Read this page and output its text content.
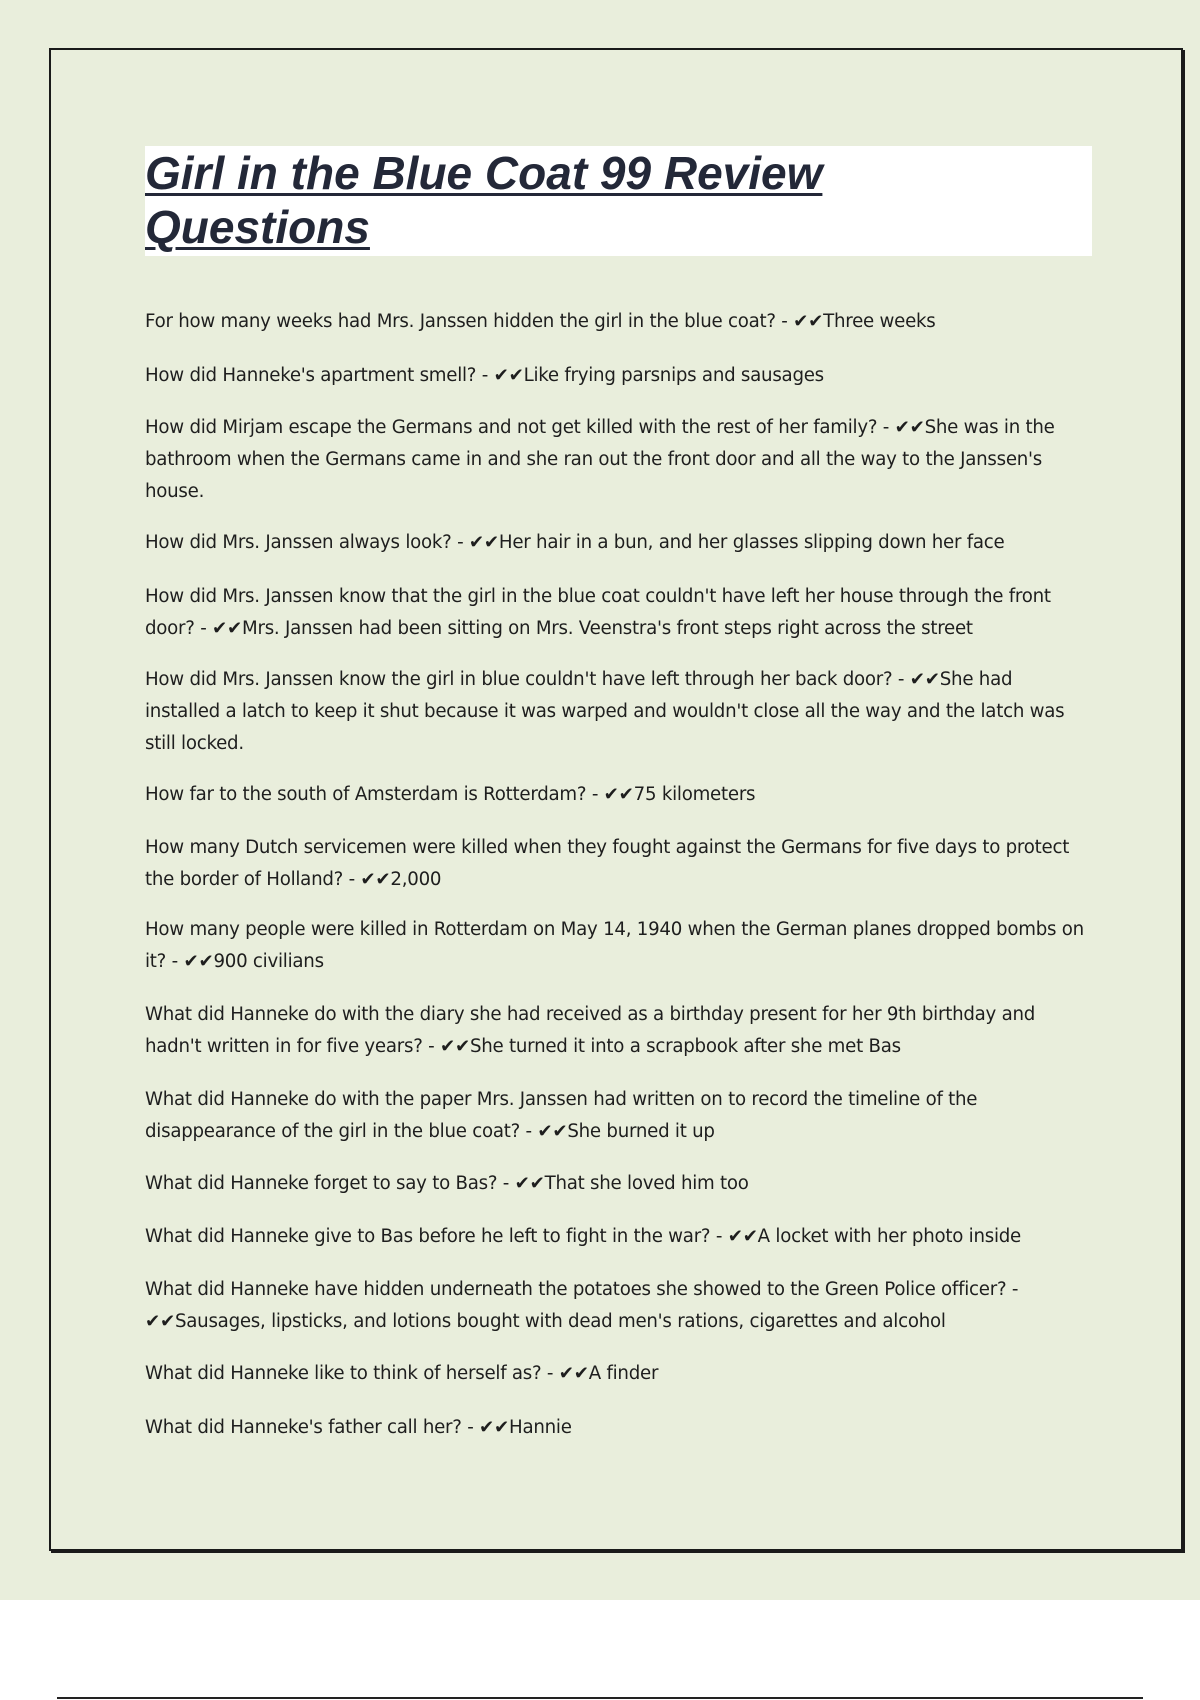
Girl in the Blue Coat 99 Review
Questions
For how many weeks had Mrs. Janssen hidden the girl in the blue coat? - ✔✔Three weeks
How did Hanneke's apartment smell? - ✔✔Like frying parsnips and sausages
How did Mirjam escape the Germans and not get killed with the rest of her family? - ✔✔She was in the bathroom when the Germans came in and she ran out the front door and all the way to the Janssen's house.
How did Mrs. Janssen always look? - ✔✔Her hair in a bun, and her glasses slipping down her face
How did Mrs. Janssen know that the girl in the blue coat couldn't have left her house through the front door? - ✔✔Mrs. Janssen had been sitting on Mrs. Veenstra's front steps right across the street
How did Mrs. Janssen know the girl in blue couldn't have left through her back door? - ✔✔She had installed a latch to keep it shut because it was warped and wouldn't close all the way and the latch was still locked.
How far to the south of Amsterdam is Rotterdam? - ✔✔75 kilometers
How many Dutch servicemen were killed when they fought against the Germans for five days to protect the border of Holland? - ✔✔2,000
How many people were killed in Rotterdam on May 14, 1940 when the German planes dropped bombs on it? - ✔✔900 civilians
What did Hanneke do with the diary she had received as a birthday present for her 9th birthday and hadn't written in for five years? - ✔✔She turned it into a scrapbook after she met Bas
What did Hanneke do with the paper Mrs. Janssen had written on to record the timeline of the disappearance of the girl in the blue coat? - ✔✔She burned it up
What did Hanneke forget to say to Bas? - ✔✔That she loved him too
What did Hanneke give to Bas before he left to fight in the war? - ✔✔A locket with her photo inside
What did Hanneke have hidden underneath the potatoes she showed to the Green Police officer? - ✔✔Sausages, lipsticks, and lotions bought with dead men's rations, cigarettes and alcohol
What did Hanneke like to think of herself as? - ✔✔A finder
What did Hanneke's father call her? - ✔✔Hannie
